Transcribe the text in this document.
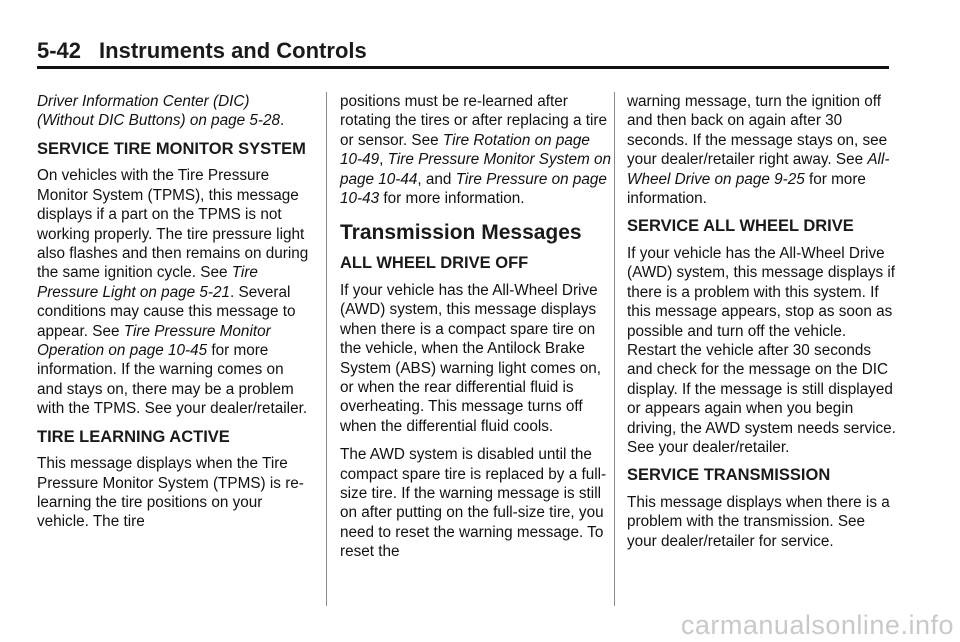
5-42 Instruments and Controls

Driver Information Center (DIC) (Without DIC Buttons) on page 5-28.

SERVICE TIRE MONITOR SYSTEM

On vehicles with the Tire Pressure Monitor System (TPMS), this message displays if a part on the TPMS is not working properly. The tire pressure light also flashes and then remains on during the same ignition cycle. See Tire Pressure Light on page 5-21. Several conditions may cause this message to appear. See Tire Pressure Monitor Operation on page 10-45 for more information. If the warning comes on and stays on, there may be a problem with the TPMS. See your dealer/retailer.

TIRE LEARNING ACTIVE

This message displays when the Tire Pressure Monitor System (TPMS) is re-learning the tire positions on your vehicle. The tire

positions must be re-learned after rotating the tires or after replacing a tire or sensor. See Tire Rotation on page 10-49, Tire Pressure Monitor System on page 10-44, and Tire Pressure on page 10-43 for more information.

Transmission Messages
ALL WHEEL DRIVE OFF

If your vehicle has the All-Wheel Drive (AWD) system, this message displays when there is a compact spare tire on the vehicle, when the Antilock Brake System (ABS) warning light comes on, or when the rear differential fluid is overheating. This message turns off when the differential fluid cools.

The AWD system is disabled until the compact spare tire is replaced by a full-size tire. If the warning message is still on after putting on the full-size tire, you need to reset the warning message. To reset the

warning message, turn the ignition off and then back on again after 30 seconds. If the message stays on, see your dealer/retailer right away. See All-Wheel Drive on page 9-25 for more information.

SERVICE ALL WHEEL DRIVE

If your vehicle has the All-Wheel Drive (AWD) system, this message displays if there is a problem with this system. If this message appears, stop as soon as possible and turn off the vehicle. Restart the vehicle after 30 seconds and check for the message on the DIC display. If the message is still displayed or appears again when you begin driving, the AWD system needs service. See your dealer/retailer.

SERVICE TRANSMISSION

This message displays when there is a problem with the transmission. See your dealer/retailer for service.

carmanualsonline.info
